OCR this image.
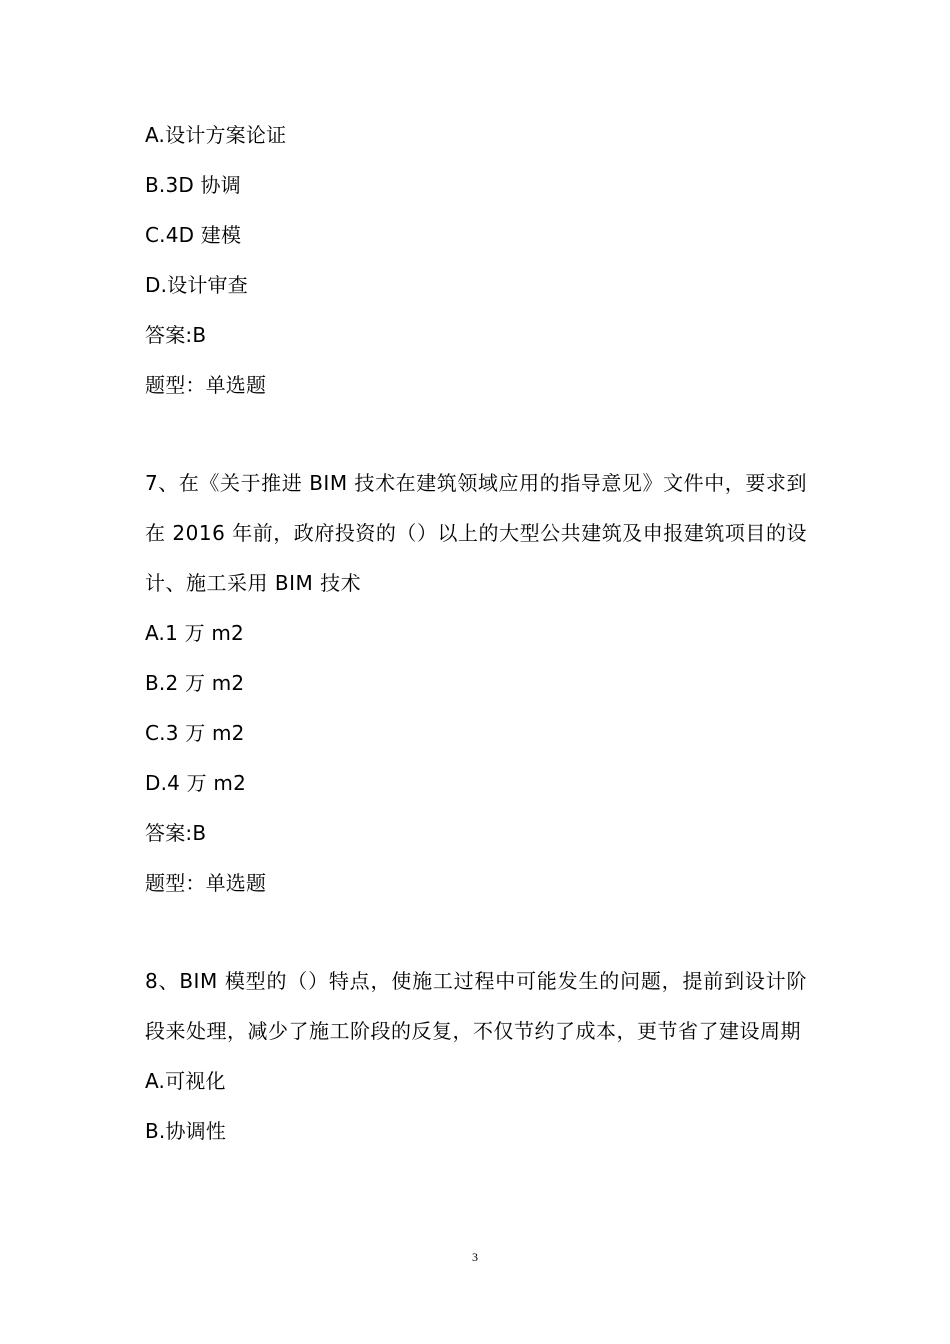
A.设计方案论证
B.3D 协调
C.4D 建模
D.设计审查
答案:B
题型：单选题
7、在《关于推进 BIM 技术在建筑领域应用的指导意见》文件中，要求到在 2016 年前，政府投资的（）以上的大型公共建筑及申报建筑项目的设计、施工采用 BIM 技术
A.1 万 m2
B.2 万 m2
C.3 万 m2
D.4 万 m2
答案:B
题型：单选题
8、BIM 模型的（）特点，使施工过程中可能发生的问题，提前到设计阶段来处理，减少了施工阶段的反复，不仅节约了成本，更节省了建设周期
A.可视化
B.协调性
3
